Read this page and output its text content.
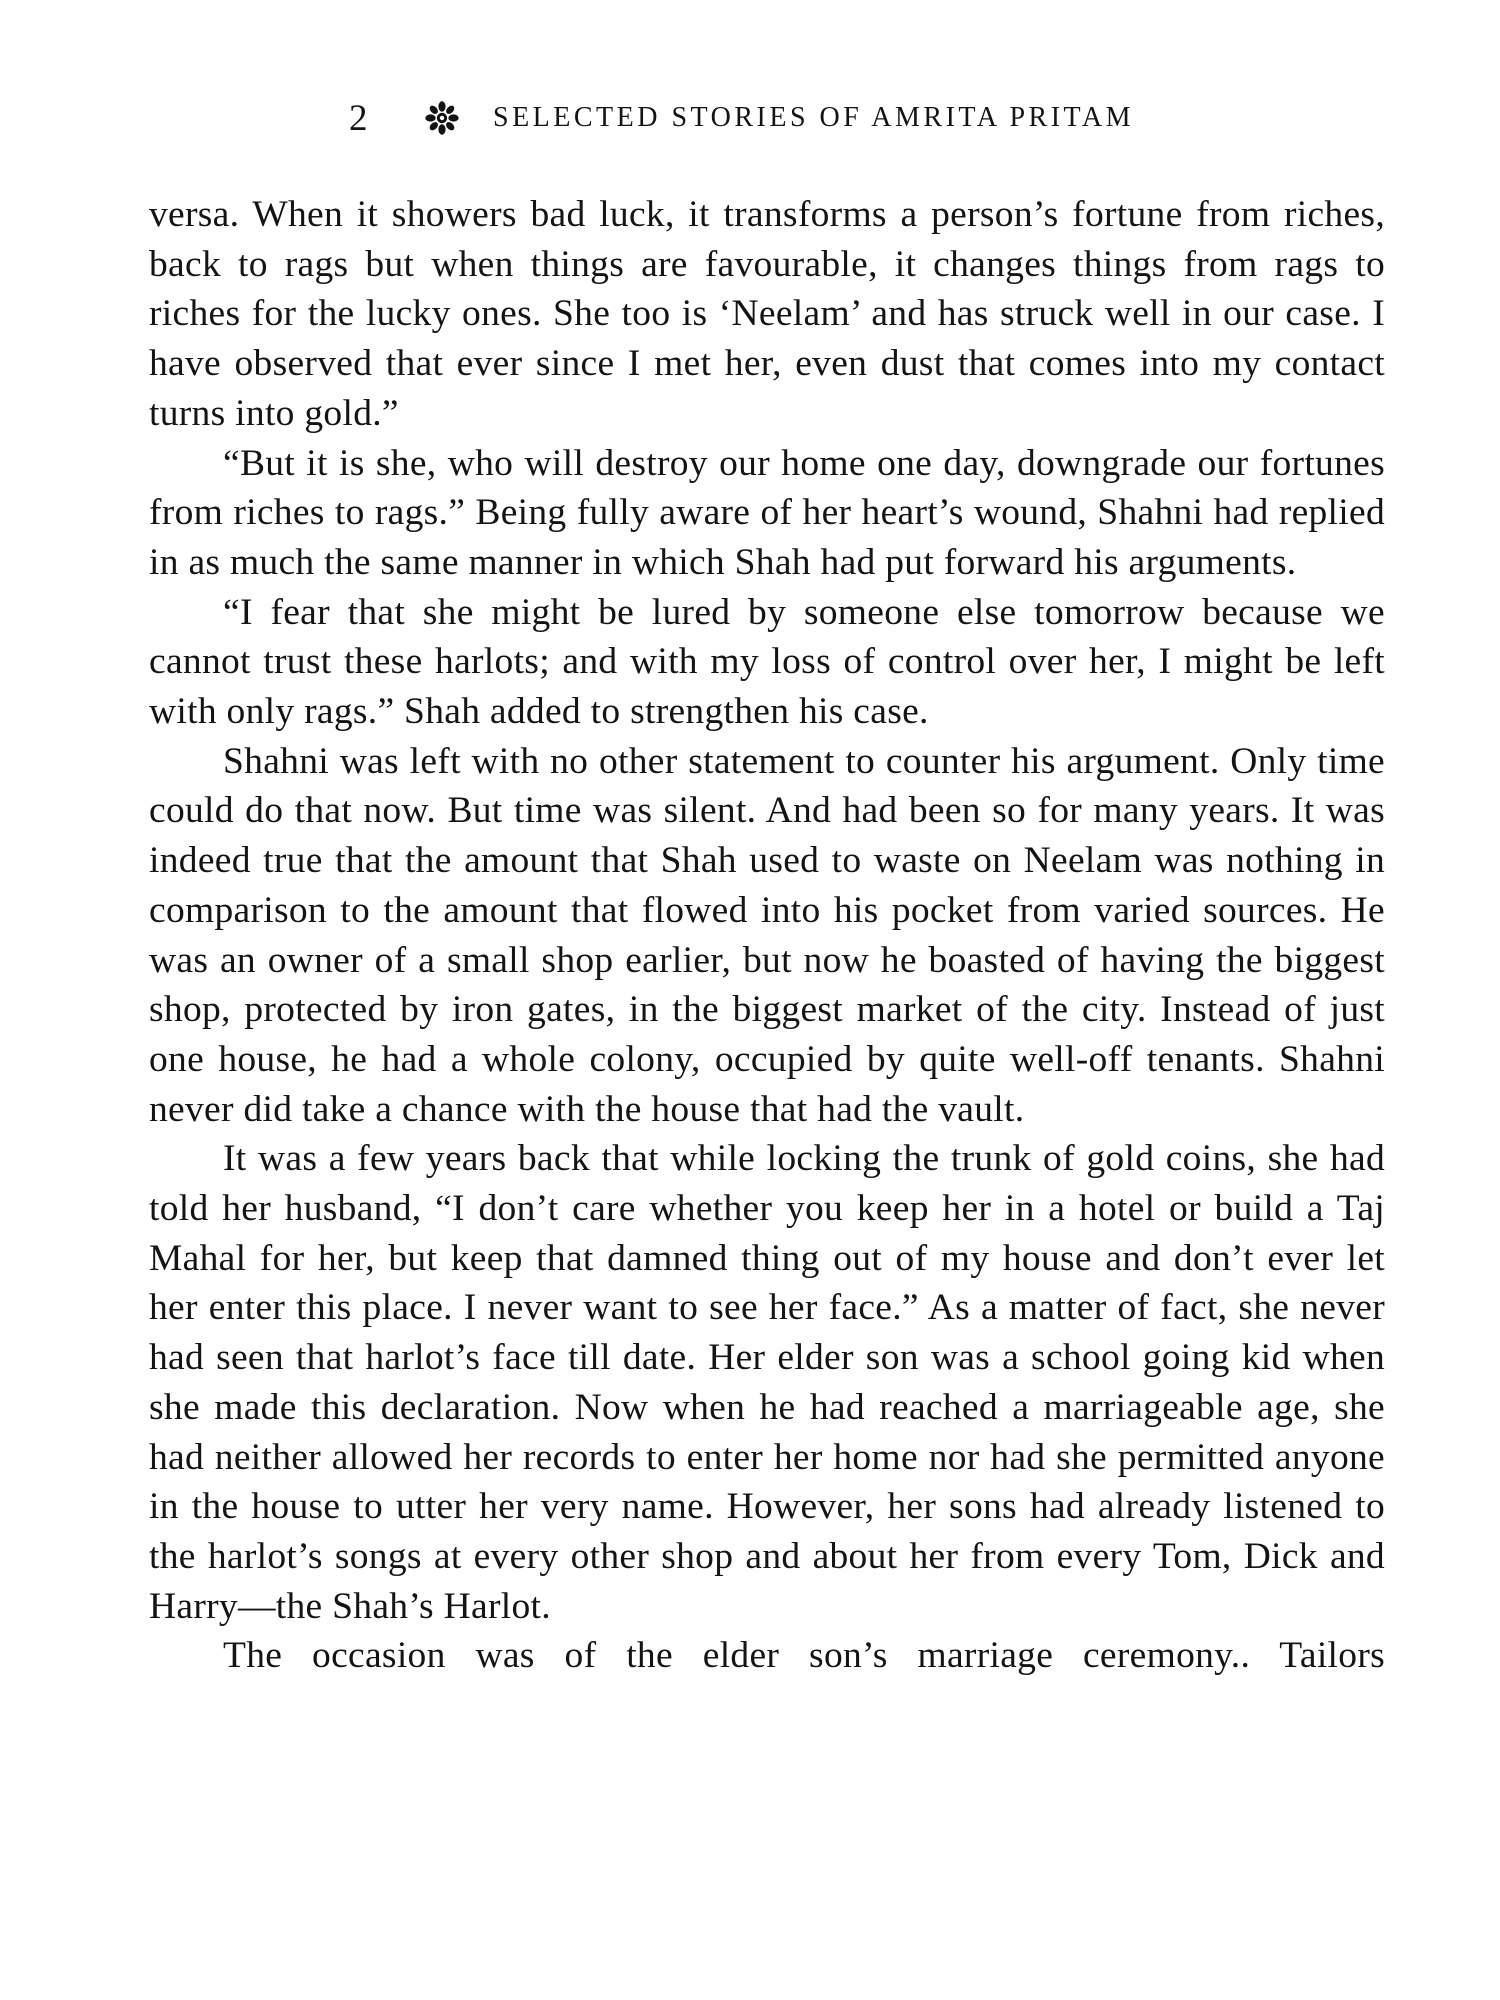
2	SELECTED STORIES OF AMRITA PRITAM

versa. When it showers bad luck, it transforms a person’s fortune from riches, back to rags but when things are favourable, it changes things from rags to riches for the lucky ones. She too is ‘Neelam’ and has struck well in our case. I have observed that ever since I met her, even dust that comes into my contact turns into gold.”

“But it is she, who will destroy our home one day, downgrade our fortunes from riches to rags.” Being fully aware of her heart’s wound, Shahni had replied in as much the same manner in which Shah had put forward his arguments.

“I fear that she might be lured by someone else tomorrow because we cannot trust these harlots; and with my loss of control over her, I might be left with only rags.” Shah added to strengthen his case.

Shahni was left with no other statement to counter his argument. Only time could do that now. But time was silent. And had been so for many years. It was indeed true that the amount that Shah used to waste on Neelam was nothing in comparison to the amount that flowed into his pocket from varied sources. He was an owner of a small shop earlier, but now he boasted of having the biggest shop, protected by iron gates, in the biggest market of the city. Instead of just one house, he had a whole colony, occupied by quite well-off tenants. Shahni never did take a chance with the house that had the vault.

It was a few years back that while locking the trunk of gold coins, she had told her husband, “I don’t care whether you keep her in a hotel or build a Taj Mahal for her, but keep that damned thing out of my house and don’t ever let her enter this place. I never want to see her face.” As a matter of fact, she never had seen that harlot’s face till date. Her elder son was a school going kid when she made this declaration. Now when he had reached a marriageable age, she had neither allowed her records to enter her home nor had she permitted anyone in the house to utter her very name. However, her sons had already listened to the harlot’s songs at every other shop and about her from every Tom, Dick and Harry—the Shah’s Harlot.

The occasion was of the elder son’s marriage ceremony.. Tailors
